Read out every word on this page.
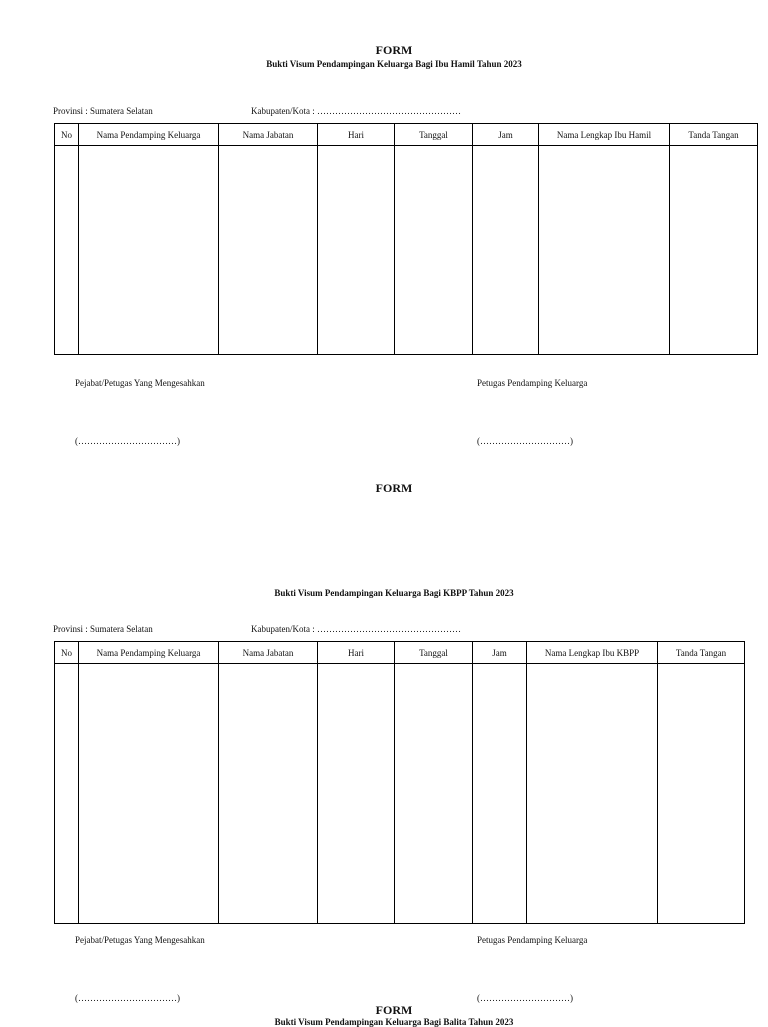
FORM
Bukti Visum Pendampingan Keluarga Bagi Ibu Hamil Tahun 2023
Provinsi : Sumatera Selatan	Kabupaten/Kota : …………………………………………
No	Nama Pendamping Keluarga	Nama Jabatan	Hari	Tanggal	Jam	Nama Lengkap Ibu Hamil	Tanda Tangan

Pejabat/Petugas Yang Mengesahkan	Petugas Pendamping Keluarga
(……………………………)	(…………………………)
FORM
Bukti Visum Pendampingan Keluarga Bagi KBPP Tahun 2023
Provinsi : Sumatera Selatan	Kabupaten/Kota : …………………………………………
No	Nama Pendamping Keluarga	Nama Jabatan	Hari	Tanggal	Jam	Nama Lengkap Ibu KBPP	Tanda Tangan

Pejabat/Petugas Yang Mengesahkan	Petugas Pendamping Keluarga
(……………………………)	(…………………………)
FORM
Bukti Visum Pendampingan Keluarga Bagi Balita Tahun 2023
